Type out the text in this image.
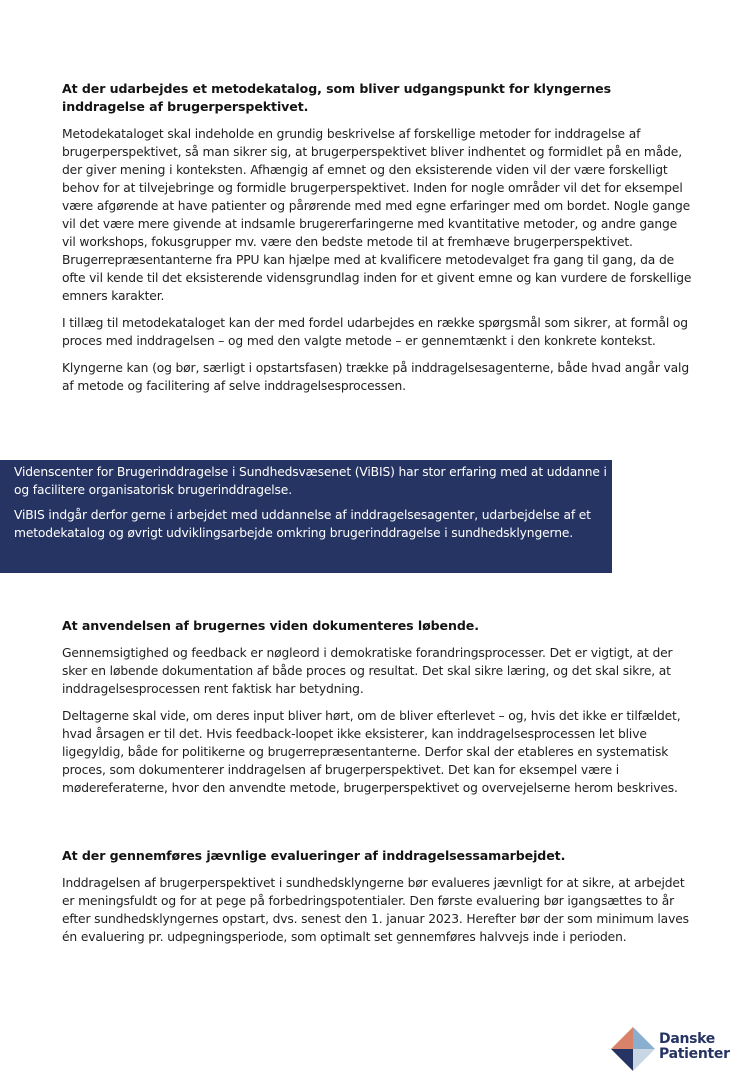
At der udarbejdes et metodekatalog, som bliver udgangspunkt for klyngernes inddragelse af brugerperspektivet.

Metodekataloget skal indeholde en grundig beskrivelse af forskellige metoder for inddragelse af brugerperspektivet, så man sikrer sig, at brugerperspektivet bliver indhentet og formidlet på en måde, der giver mening i konteksten. Afhængig af emnet og den eksisterende viden vil der være forskelligt behov for at tilvejebringe og formidle brugerperspektivet. Inden for nogle områder vil det for eksempel være afgørende at have patienter og pårørende med med egne erfaringer med om bordet. Nogle gange vil det være mere givende at indsamle brugererfaringerne med kvantitative metoder, og andre gange vil workshops, fokusgrupper mv. være den bedste metode til at fremhæve brugerperspektivet. Brugerrepræsentanterne fra PPU kan hjælpe med at kvalificere metodevalget fra gang til gang, da de ofte vil kende til det eksisterende vidensgrundlag inden for et givent emne og kan vurdere de forskellige emners karakter.

I tillæg til metodekataloget kan der med fordel udarbejdes en række spørgsmål som sikrer, at formål og proces med inddragelsen – og med den valgte metode – er gennemtænkt i den konkrete kontekst.

Klyngerne kan (og bør, særligt i opstartsfasen) trække på inddragelsesagenterne, både hvad angår valg af metode og facilitering af selve inddragelsesprocessen.

Videnscenter for Brugerinddragelse i Sundhedsvæsenet (ViBIS) har stor erfaring med at uddanne i og facilitere organisatorisk brugerinddragelse.

ViBIS indgår derfor gerne i arbejdet med uddannelse af inddragelsesagenter, udarbejdelse af et metodekatalog og øvrigt udviklingsarbejde omkring brugerinddragelse i sundhedsklyngerne.

At anvendelsen af brugernes viden dokumenteres løbende.

Gennemsigtighed og feedback er nøgleord i demokratiske forandringsprocesser. Det er vigtigt, at der sker en løbende dokumentation af både proces og resultat. Det skal sikre læring, og det skal sikre, at inddragelsesprocessen rent faktisk har betydning.

Deltagerne skal vide, om deres input bliver hørt, om de bliver efterlevet – og, hvis det ikke er tilfældet, hvad årsagen er til det. Hvis feedback-loopet ikke eksisterer, kan inddragelsesprocessen let blive ligegyldig, både for politikerne og brugerrepræsentanterne. Derfor skal der etableres en systematisk proces, som dokumenterer inddragelsen af brugerperspektivet. Det kan for eksempel være i mødereferaterne, hvor den anvendte metode, brugerperspektivet og overvejelserne herom beskrives.

At der gennemføres jævnlige evalueringer af inddragelsessamarbejdet.

Inddragelsen af brugerperspektivet i sundhedsklyngerne bør evalueres jævnligt for at sikre, at arbejdet er meningsfuldt og for at pege på forbedringspotentialer. Den første evaluering bør igangsættes to år efter sundhedsklyngernes opstart, dvs. senest den 1. januar 2023. Herefter bør der som minimum laves én evaluering pr. udpegningsperiode, som optimalt set gennemføres halvvejs inde i perioden.

Danske
Patienter
